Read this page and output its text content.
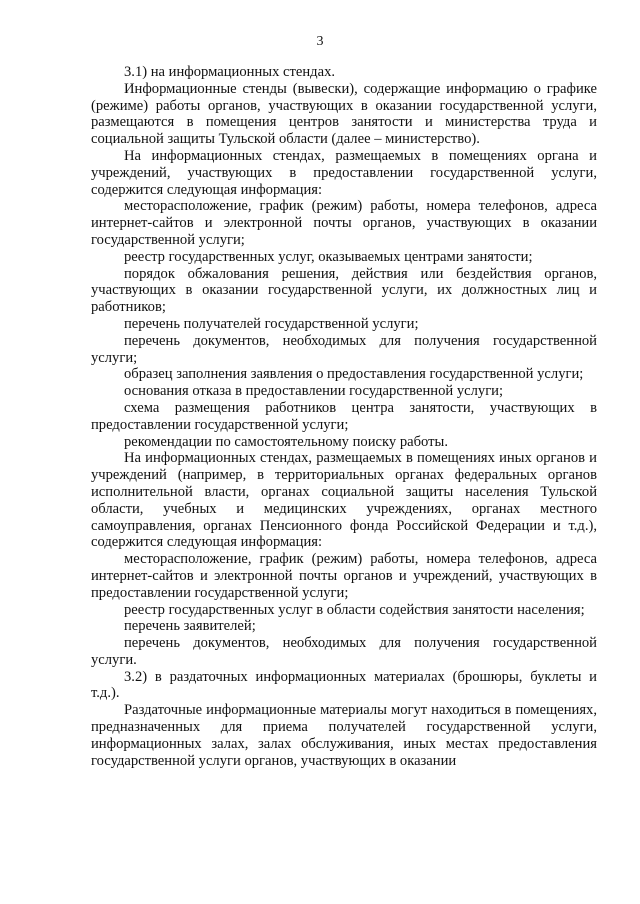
3

3.1) на информационных стендах.

Информационные стенды (вывески), содержащие информацию о графике (режиме) работы органов, участвующих в оказании государственной услуги, размещаются в помещения центров занятости и министерства труда и социальной защиты Тульской области (далее – министерство).

На информационных стендах, размещаемых в помещениях органа и учреждений, участвующих в предоставлении государственной услуги, содержится следующая информация:

месторасположение, график (режим) работы, номера телефонов, адреса интернет-сайтов и электронной почты органов, участвующих в оказании государственной услуги;

реестр государственных услуг, оказываемых центрами занятости;

порядок обжалования решения, действия или бездействия органов, участвующих в оказании государственной услуги, их должностных лиц и работников;

перечень получателей государственной услуги;

перечень документов, необходимых для получения государственной услуги;

образец заполнения заявления о предоставления государственной услуги;

основания отказа в предоставлении государственной услуги;

схема размещения работников центра занятости, участвующих в предоставлении государственной услуги;

рекомендации по самостоятельному поиску работы.

На информационных стендах, размещаемых в помещениях иных органов и учреждений (например, в территориальных органах федеральных органов исполнительной власти, органах социальной защиты населения Тульской области, учебных и медицинских учреждениях, органах местного самоуправления, органах Пенсионного фонда Российской Федерации и т.д.), содержится следующая информация:

месторасположение, график (режим) работы, номера телефонов, адреса интернет-сайтов и электронной почты органов и учреждений, участвующих в предоставлении государственной услуги;

реестр государственных услуг в области содействия занятости населения;

перечень заявителей;

перечень документов, необходимых для получения государственной услуги.

3.2) в раздаточных информационных материалах (брошюры, буклеты и т.д.).

Раздаточные информационные материалы могут находиться в помещениях, предназначенных для приема получателей государственной услуги, информационных залах, залах обслуживания, иных местах предоставления государственной услуги органов, участвующих в оказании
